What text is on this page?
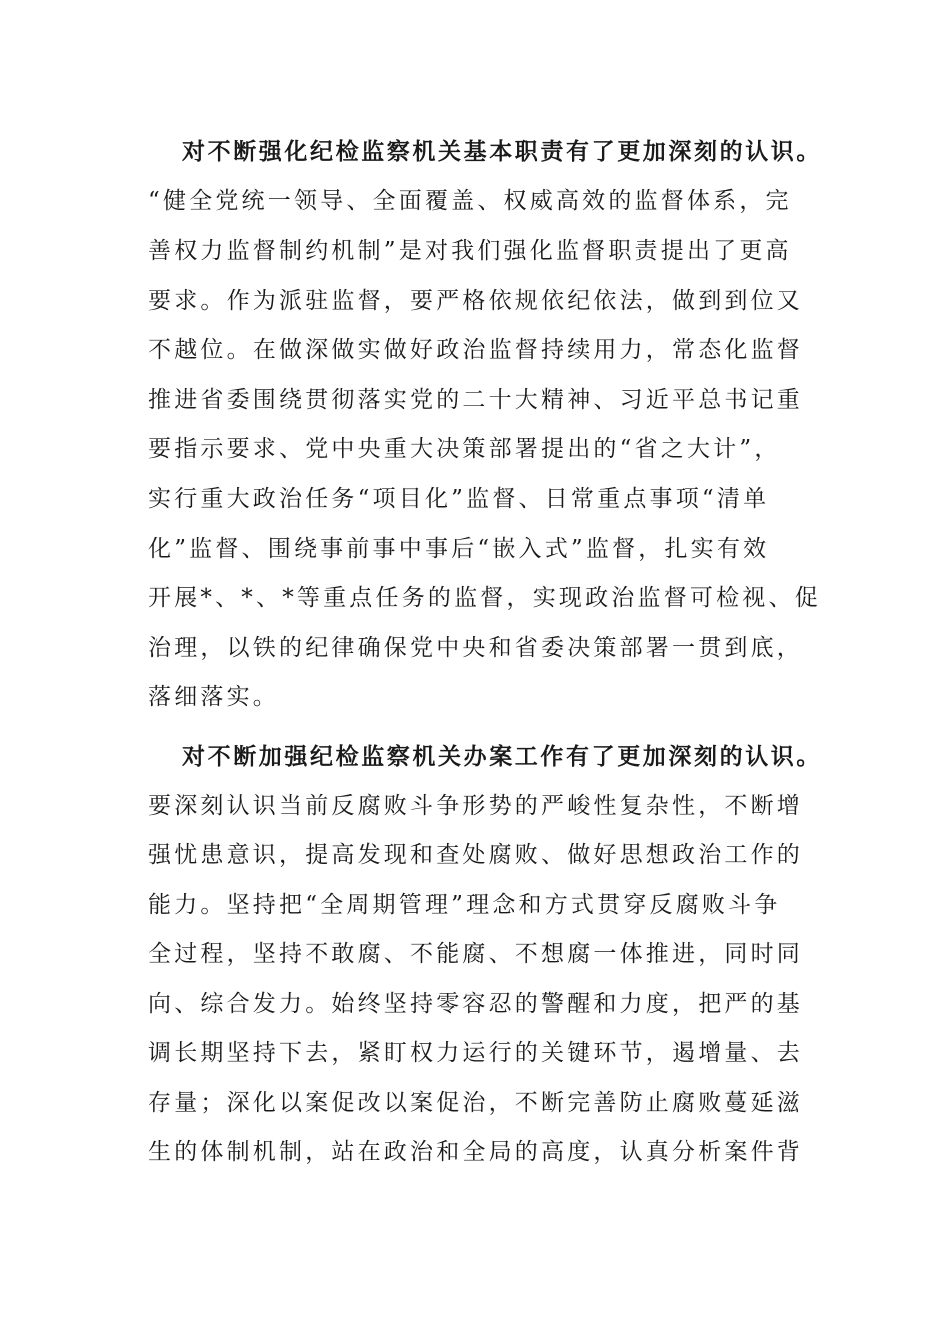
对不断强化纪检监察机关基本职责有了更加深刻的认识。
“健全党统一领导、全面覆盖、权威高效的监督体系，完
善权力监督制约机制”是对我们强化监督职责提出了更高
要求。作为派驻监督，要严格依规依纪依法，做到到位又
不越位。在做深做实做好政治监督持续用力，常态化监督
推进省委围绕贯彻落实党的二十大精神、习近平总书记重
要指示要求、党中央重大决策部署提出的“省之大计”，
实行重大政治任务“项目化”监督、日常重点事项“清单
化”监督、围绕事前事中事后“嵌入式”监督，扎实有效
开展*、*、*等重点任务的监督，实现政治监督可检视、促
治理，以铁的纪律确保党中央和省委决策部署一贯到底，
落细落实。
对不断加强纪检监察机关办案工作有了更加深刻的认识。
要深刻认识当前反腐败斗争形势的严峻性复杂性，不断增
强忧患意识，提高发现和查处腐败、做好思想政治工作的
能力。坚持把“全周期管理”理念和方式贯穿反腐败斗争
全过程，坚持不敢腐、不能腐、不想腐一体推进，同时同
向、综合发力。始终坚持零容忍的警醒和力度，把严的基
调长期坚持下去，紧盯权力运行的关键环节，遏增量、去
存量；深化以案促改以案促治，不断完善防止腐败蔓延滋
生的体制机制，站在政治和全局的高度，认真分析案件背
